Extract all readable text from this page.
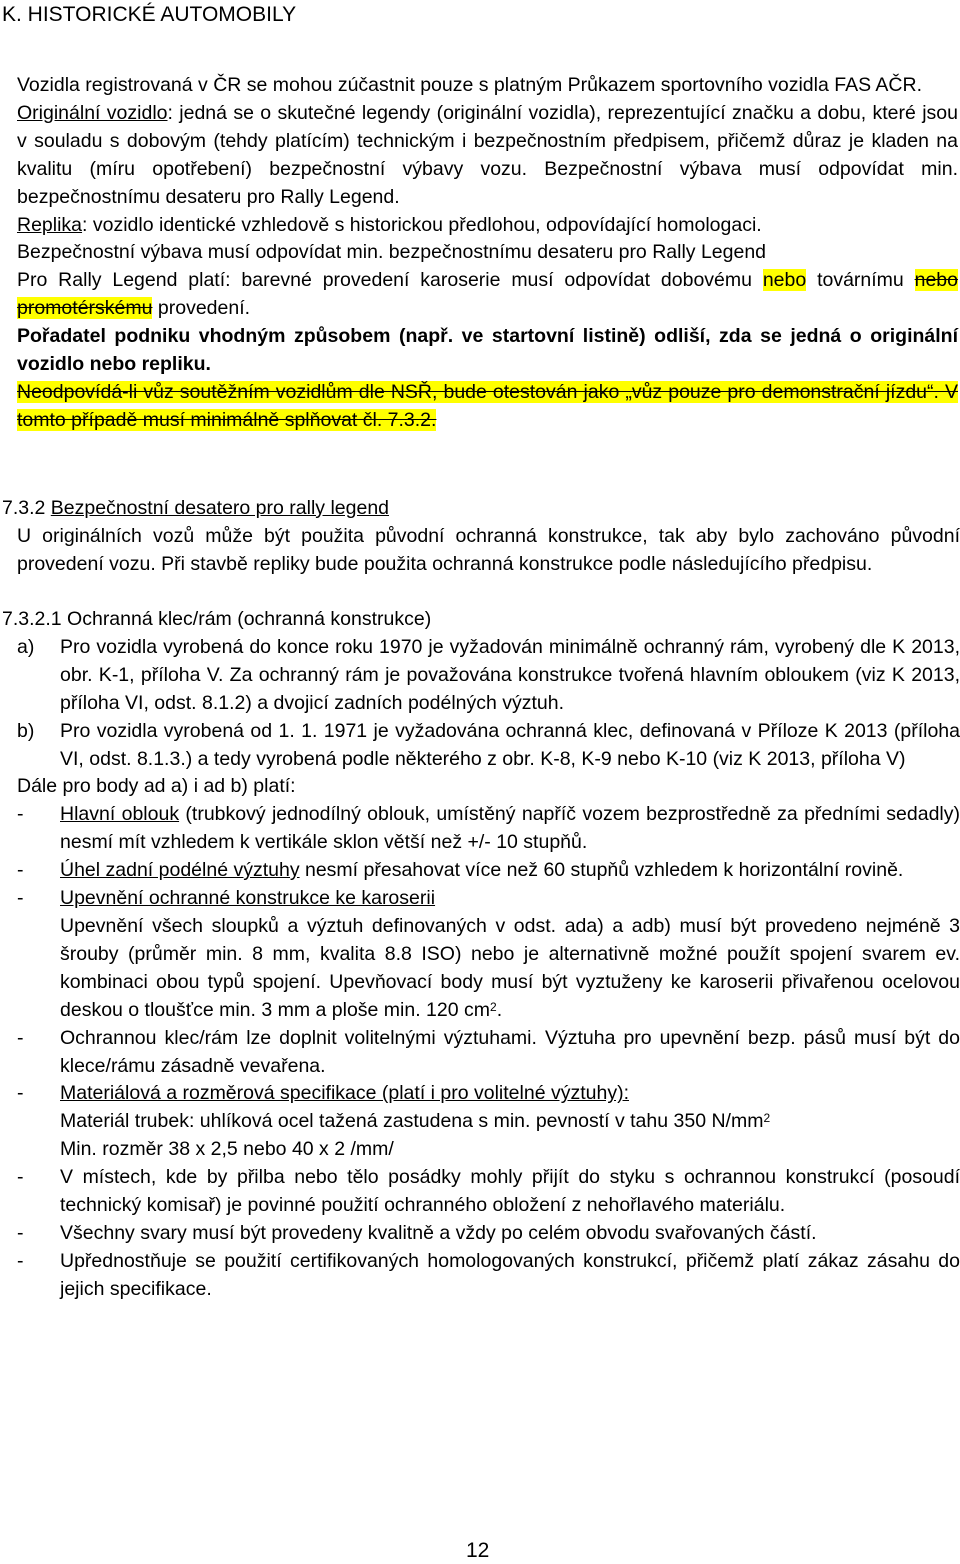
K. HISTORICKÉ AUTOMOBILY
Vozidla registrovaná v ČR se mohou zúčastnit pouze s platným Průkazem sportovního vozidla FAS AČR.
Originální vozidlo: jedná se o skutečné legendy (originální vozidla), reprezentující značku a dobu, které jsou v souladu s dobovým (tehdy platícím) technickým i bezpečnostním předpisem, přičemž důraz je kladen na kvalitu (míru opotřebení) bezpečnostní výbavy vozu. Bezpečnostní výbava musí odpovídat min. bezpečnostnímu desateru pro Rally Legend.
Replika: vozidlo identické vzhledově s historickou předlohou, odpovídající homologaci.
Bezpečnostní výbava musí odpovídat min. bezpečnostnímu desateru pro Rally Legend
Pro Rally Legend platí: barevné provedení karoserie musí odpovídat dobovému nebo továrnímu nebo promotérskému provedení.
Pořadatel podniku vhodným způsobem (např. ve startovní listině) odliší, zda se jedná o originální vozidlo nebo repliku.
Neodpovídá-li vůz soutěžním vozidlům dle NSŘ, bude otestován jako „vůz pouze pro demonstrační jízdu“. V tomto případě musí minimálně splňovat čl. 7.3.2.
7.3.2 Bezpečnostní desatero pro rally legend
U originálních vozů může být použita původní ochranná konstrukce, tak aby bylo zachováno původní provedení vozu. Při stavbě repliky bude použita ochranná konstrukce podle následujícího předpisu.
7.3.2.1 Ochranná klec/rám (ochranná konstrukce)
a) Pro vozidla vyrobená do konce roku 1970 je vyžadován minimálně ochranný rám, vyrobený dle K 2013, obr. K-1, příloha V. Za ochranný rám je považována konstrukce tvořená hlavním obloukem (viz K 2013, příloha VI, odst. 8.1.2) a dvojicí zadních podélných výztuh.
b) Pro vozidla vyrobená od 1. 1. 1971 je vyžadována ochranná klec, definovaná v Příloze K 2013 (příloha VI, odst. 8.1.3.) a tedy vyrobená podle některého z obr. K-8, K-9 nebo K-10 (viz K 2013, příloha V)
Dále pro body ad a) i ad b) platí:
- Hlavní oblouk (trubkový jednodílný oblouk, umístěný napříč vozem bezprostředně za předními sedadly) nesmí mít vzhledem k vertikále sklon větší než +/- 10 stupňů.
- Úhel zadní podélné výztuhy nesmí přesahovat více než 60 stupňů vzhledem k horizontální rovině.
- Upevnění ochranné konstrukce ke karoserii
Upevnění všech sloupků a výztuh definovaných v odst. ada) a adb) musí být provedeno nejméně 3 šrouby (průměr min. 8 mm, kvalita 8.8 ISO) nebo je alternativně možné použít spojení svarem ev. kombinaci obou typů spojení. Upevňovací body musí být vyztuženy ke karoserii přivařenou ocelovou deskou o tloušťce min. 3 mm a ploše min. 120 $cm^2$.
- Ochrannou klec/rám lze doplnit volitelnými výztuhami. Výztuha pro upevnění bezp. pásů musí být do klece/rámu zásadně vevařena.
- Materiálová a rozměrová specifikace (platí i pro volitelné výztuhy):
Materiál trubek: uhlíková ocel tažená zastudena s min. pevností v tahu 350 $N/mm^2$
Min. rozměr 38 x 2,5 nebo 40 x 2 /mm/
- V místech, kde by přilba nebo tělo posádky mohly přijít do styku s ochrannou konstrukcí (posoudí technický komisař) je povinné použití ochranného obložení z nehořlavého materiálu.
- Všechny svary musí být provedeny kvalitně a vždy po celém obvodu svařovaných částí.
- Upřednostňuje se použití certifikovaných homologovaných konstrukcí, přičemž platí zákaz zásahu do jejich specifikace.
12
